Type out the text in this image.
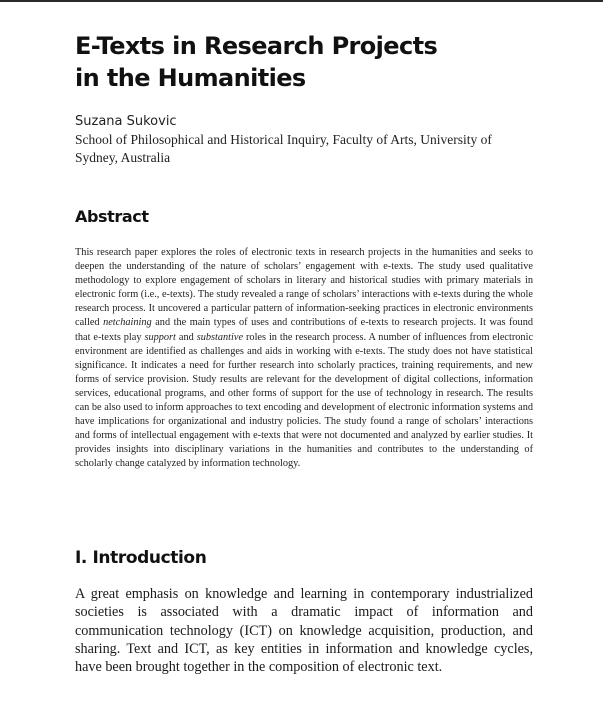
E-Texts in Research Projects
in the Humanities
Suzana Sukovic
School of Philosophical and Historical Inquiry, Faculty of Arts, University of Sydney, Australia
Abstract

This research paper explores the roles of electronic texts in research projects in the humanities and seeks to deepen the understanding of the nature of scholars’ engagement with e-texts. The study used qualitative methodology to explore engagement of scholars in literary and historical studies with primary materials in electronic form (i.e., e-texts). The study revealed a range of scholars’ interactions with e-texts during the whole research process. It uncovered a particular pattern of information-seeking practices in electronic environments called netchaining and the main types of uses and contributions of e-texts to research projects. It was found that e-texts play support and substantive roles in the research process. A number of influences from electronic environment are identified as challenges and aids in working with e-texts. The study does not have statistical significance. It indicates a need for further research into scholarly practices, training requirements, and new forms of service provision. Study results are relevant for the development of digital collections, information services, educational programs, and other forms of support for the use of technology in research. The results can be also used to inform approaches to text encoding and development of electronic information systems and have implications for organizational and industry policies. The study found a range of scholars’ interactions and forms of intellectual engagement with e-texts that were not documented and analyzed by earlier studies. It provides insights into disciplinary variations in the humanities and contributes to the understanding of scholarly change catalyzed by information technology.

I. Introduction

A great emphasis on knowledge and learning in contemporary industrialized societies is associated with a dramatic impact of information and communication technology (ICT) on knowledge acquisition, production, and sharing. Text and ICT, as key entities in information and knowledge cycles, have been brought together in the composition of electronic text.
